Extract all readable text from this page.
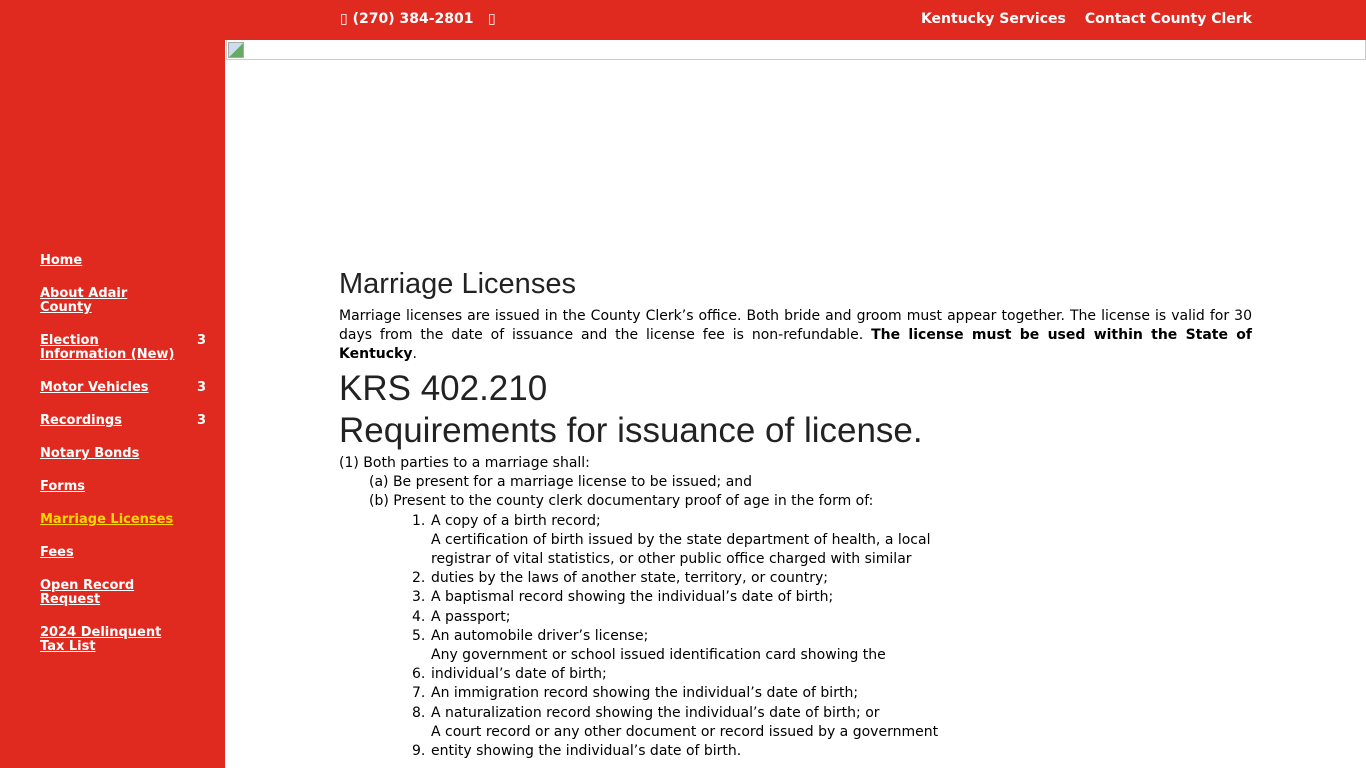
Home
About Adair County
Election Information (New)
3
Motor Vehicles	3
Recordings	3
Notary Bonds
Forms
Marriage Licenses
Fees
Open Record Request
2024 Delinquent Tax List
▯ (270) 384-2801 ▯	Kentucky Services Contact County Clerk
Marriage Licenses

Marriage licenses are issued in the County Clerk’s office. Both bride and groom must appear together. The license is valid for 30 days from the date of issuance and the license fee is non-refundable. The license must be used within the State of Kentucky.

KRS 402.210
Requirements for issuance of license.
(1) Both parties to a marriage shall:
(a) Be present for a marriage license to be issued; and
(b) Present to the county clerk documentary proof of age in the form of:
1. A copy of a birth record;
2.A certification of birth issued by the state department of health, a local registrar of vital statistics, or other public office charged with similar duties by the laws of another state, territory, or country;
3. A baptismal record showing the individual’s date of birth;
4. A passport;
5. An automobile driver’s license;
6.Any government or school issued identification card showing the individual’s date of birth;
7. An immigration record showing the individual’s date of birth;
8. A naturalization record showing the individual’s date of birth; or
9.A court record or any other document or record issued by a government entity showing the individual’s date of birth.
